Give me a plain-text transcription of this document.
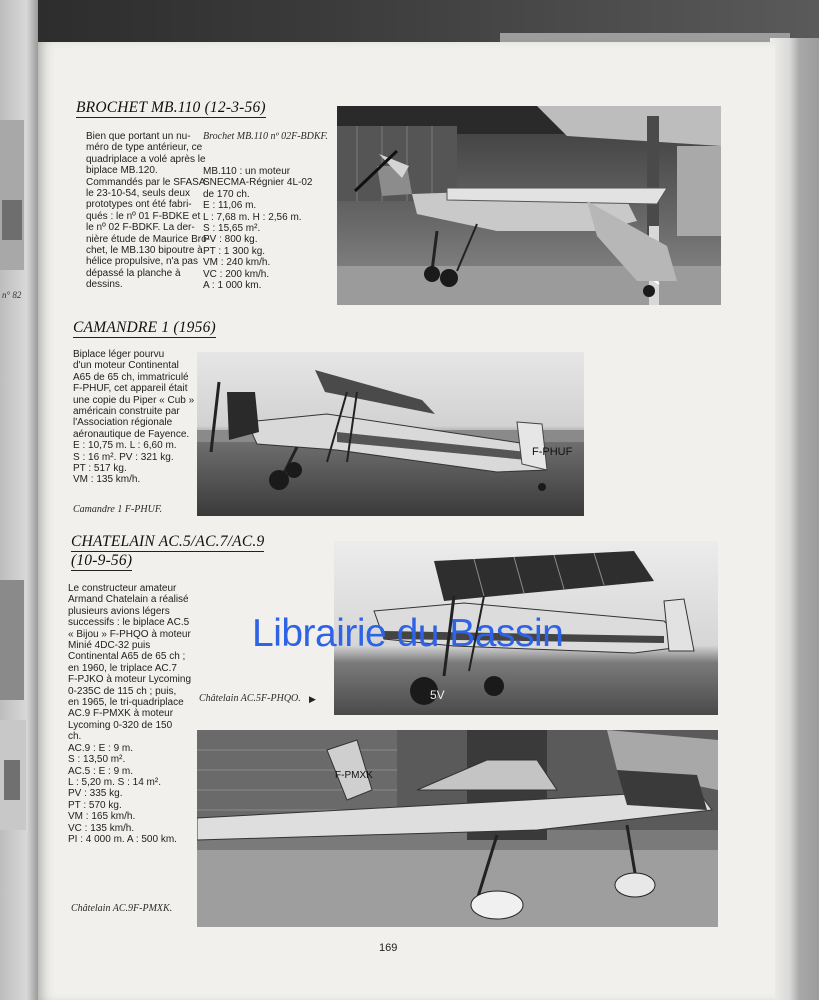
n° 82
BROCHET MB.110 (12-3-56)
Bien que portant un nu-
méro de type antérieur, ce
quadriplace a volé après le
biplace MB.120.
Commandés par le SFASA
le 23-10-54, seuls deux
prototypes ont été fabri-
qués : le nº 01 F-BDKE et
le nº 02 F-BDKF. La der-
nière étude de Maurice Bro-
chet, le MB.130 bipoutre à
hélice propulsive, n'a pas
dépassé la planche à
dessins.
Brochet MB.110 nº 02F-BDKF.
MB.110 : un moteur
SNECMA-Régnier 4L-02
de 170 ch.
E : 11,06 m.
L : 7,68 m. H : 2,56 m.
S : 15,65 m².
PV : 800 kg.
PT : 1 300 kg.
VM : 240 km/h.
VC : 200 km/h.
A : 1 000 km.
CAMANDRE 1 (1956)
Biplace léger pourvu
d'un moteur Continental
A65 de 65 ch, immatriculé
F-PHUF, cet appareil était
une copie du Piper « Cub »
américain construite par
l'Association régionale
aéronautique de Fayence.
E : 10,75 m. L : 6,60 m.
S : 16 m². PV : 321 kg.
PT : 517 kg.
VM : 135 km/h.
Camandre 1 F-PHUF.
F-PHUF
CHATELAIN AC.5/AC.7/AC.9
(10-9-56)
Le constructeur amateur
Armand Chatelain a réalisé
plusieurs avions légers
successifs : le biplace AC.5
« Bijou » F-PHQO à moteur
Minié 4DC-32 puis
Continental A65 de 65 ch ;
en 1960, le triplace AC.7
F-PJKO à moteur Lycoming
0-235C de 115 ch ; puis,
en 1965, le tri-quadriplace
AC.9 F-PMXK à moteur
Lycoming 0-320 de 150
ch.
AC.9 : E : 9 m.
S : 13,50 m².
AC.5 : E : 9 m.
L : 5,20 m. S : 14 m².
PV : 335 kg.
PT : 570 kg.
VM : 165 km/h.
VC : 135 km/h.
PI : 4 000 m. A : 500 km.
Châtelain AC.5F-PHQO. ▶
Châtelain AC.9F-PMXK.
5V
F-PMXK
Librairie du Bassin
169
